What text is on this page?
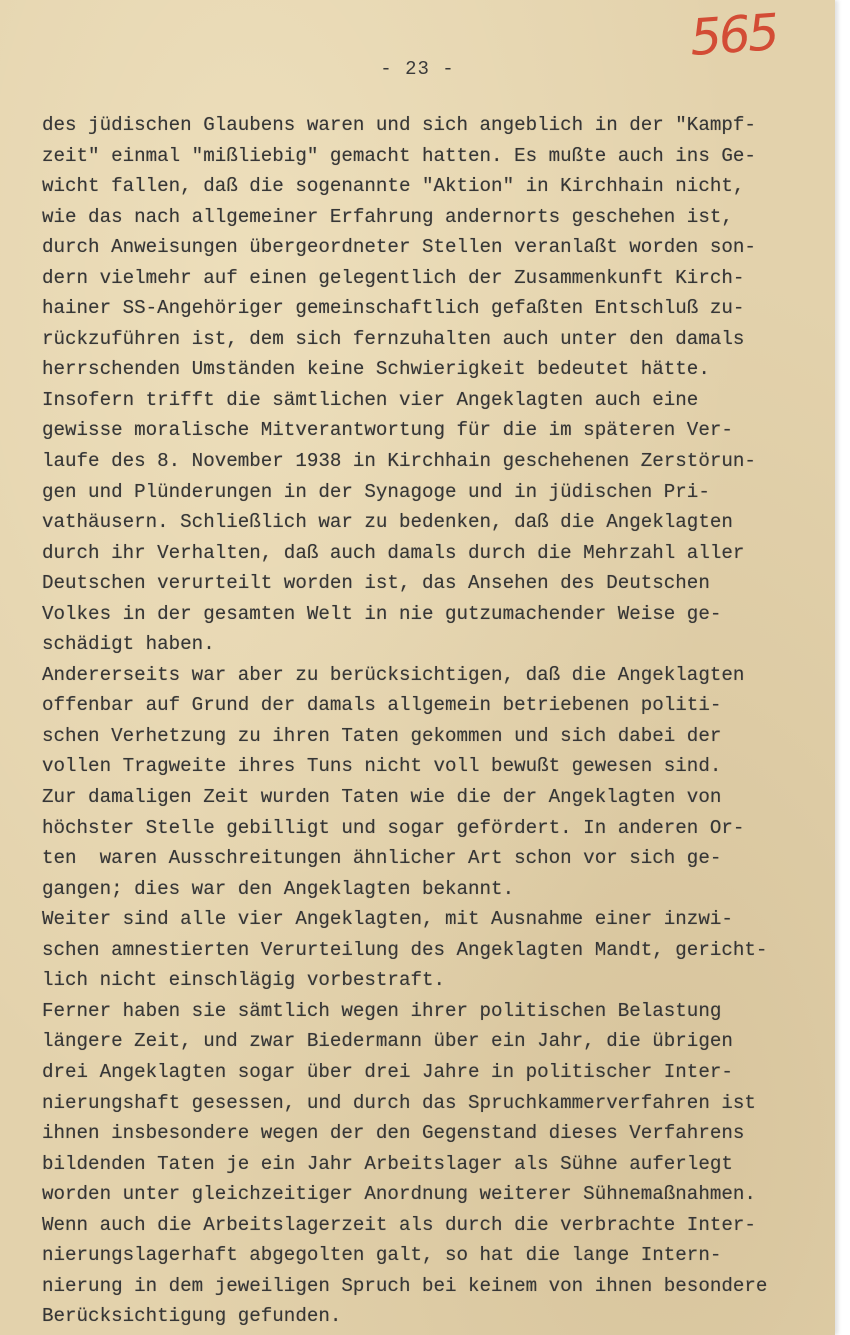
565
- 23 -
des jüdischen Glaubens waren und sich angeblich in der "Kampf-
zeit" einmal "mißliebig" gemacht hatten. Es mußte auch ins Ge-
wicht fallen, daß die sogenannte "Aktion" in Kirchhain nicht,
wie das nach allgemeiner Erfahrung andernorts geschehen ist,
durch Anweisungen übergeordneter Stellen veranlaßt worden son-
dern vielmehr auf einen gelegentlich der Zusammenkunft Kirch-
hainer SS-Angehöriger gemeinschaftlich gefaßten Entschluß zu-
rückzuführen ist, dem sich fernzuhalten auch unter den damals
herrschenden Umständen keine Schwierigkeit bedeutet hätte.
Insofern trifft die sämtlichen vier Angeklagten auch eine
gewisse moralische Mitverantwortung für die im späteren Ver-
laufe des 8. November 1938 in Kirchhain geschehenen Zerstörun-
gen und Plünderungen in der Synagoge und in jüdischen Pri-
vathäusern. Schließlich war zu bedenken, daß die Angeklagten
durch ihr Verhalten, daß auch damals durch die Mehrzahl aller
Deutschen verurteilt worden ist, das Ansehen des Deutschen
Volkes in der gesamten Welt in nie gutzumachender Weise ge-
schädigt haben.
Andererseits war aber zu berücksichtigen, daß die Angeklagten
offenbar auf Grund der damals allgemein betriebenen politi-
schen Verhetzung zu ihren Taten gekommen und sich dabei der
vollen Tragweite ihres Tuns nicht voll bewußt gewesen sind.
Zur damaligen Zeit wurden Taten wie die der Angeklagten von
höchster Stelle gebilligt und sogar gefördert. In anderen Or-
ten  waren Ausschreitungen ähnlicher Art schon vor sich ge-
gangen; dies war den Angeklagten bekannt.
Weiter sind alle vier Angeklagten, mit Ausnahme einer inzwi-
schen amnestierten Verurteilung des Angeklagten Mandt, gericht-
lich nicht einschlägig vorbestraft.
Ferner haben sie sämtlich wegen ihrer politischen Belastung
längere Zeit, und zwar Biedermann über ein Jahr, die übrigen
drei Angeklagten sogar über drei Jahre in politischer Inter-
nierungshaft gesessen, und durch das Spruchkammerverfahren ist
ihnen insbesondere wegen der den Gegenstand dieses Verfahrens
bildenden Taten je ein Jahr Arbeitslager als Sühne auferlegt
worden unter gleichzeitiger Anordnung weiterer Sühnemaßnahmen.
Wenn auch die Arbeitslagerzeit als durch die verbrachte Inter-
nierungslagerhaft abgegolten galt, so hat die lange Intern-
nierung in dem jeweiligen Spruch bei keinem von ihnen besondere
Berücksichtigung gefunden.
